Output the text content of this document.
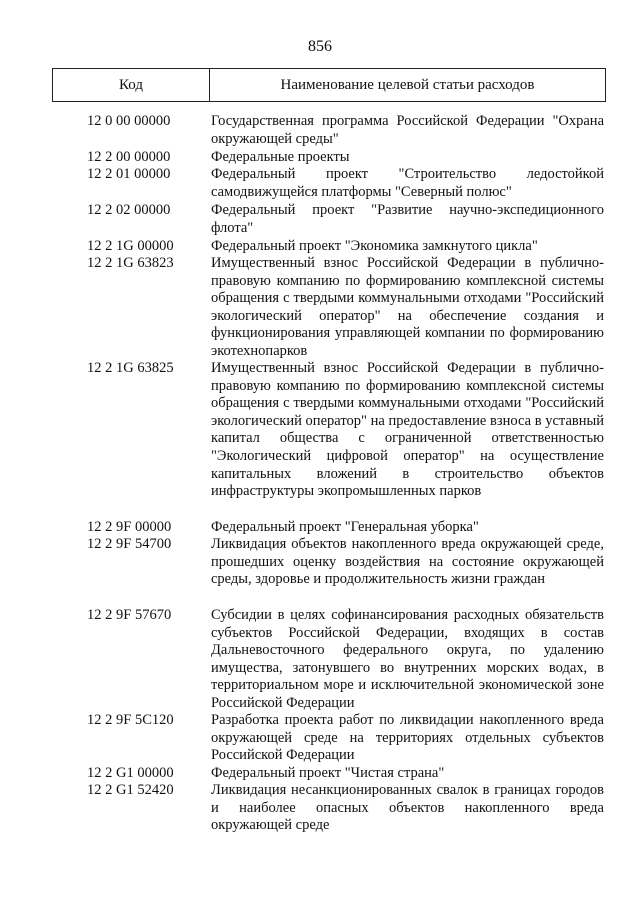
856
Код	Наименование целевой статьи расходов
12 0 00 00000	Государственная программа Российской Федерации "Охрана окружающей среды"
12 2 00 00000	Федеральные проекты
12 2 01 00000	Федеральный проект "Строительство ледостойкой самодвижущейся платформы "Северный полюс"
12 2 02 00000	Федеральный проект "Развитие научно-экспедиционного флота"
12 2 1G 00000	Федеральный проект "Экономика замкнутого цикла"
12 2 1G 63823	Имущественный взнос Российской Федерации в публично-правовую компанию по формированию комплексной системы обращения с твердыми коммунальными отходами "Российский экологический оператор" на обеспечение создания и функционирования управляющей компании по формированию экотехнопарков
12 2 1G 63825	Имущественный взнос Российской Федерации в публично-правовую компанию по формированию комплексной системы обращения с твердыми коммунальными отходами "Российский экологический оператор" на предоставление взноса в уставный капитал общества с ограниченной ответственностью "Экологический цифровой оператор" на осуществление капитальных вложений в строительство объектов инфраструктуры экопромышленных парков
12 2 9F 00000	Федеральный проект "Генеральная уборка"
12 2 9F 54700	Ликвидация объектов накопленного вреда окружающей среде, прошедших оценку воздействия на состояние окружающей среды, здоровье и продолжительность жизни граждан
12 2 9F 57670	Субсидии в целях софинансирования расходных обязательств субъектов Российской Федерации, входящих в состав Дальневосточного федерального округа, по удалению имущества, затонувшего во внутренних морских водах, в территориальном море и исключительной экономической зоне Российской Федерации
12 2 9F 5C120	Разработка проекта работ по ликвидации накопленного вреда окружающей среде на территориях отдельных субъектов Российской Федерации
12 2 G1 00000	Федеральный проект "Чистая страна"
12 2 G1 52420	Ликвидация несанкционированных свалок в границах городов и наиболее опасных объектов накопленного вреда окружающей среде
